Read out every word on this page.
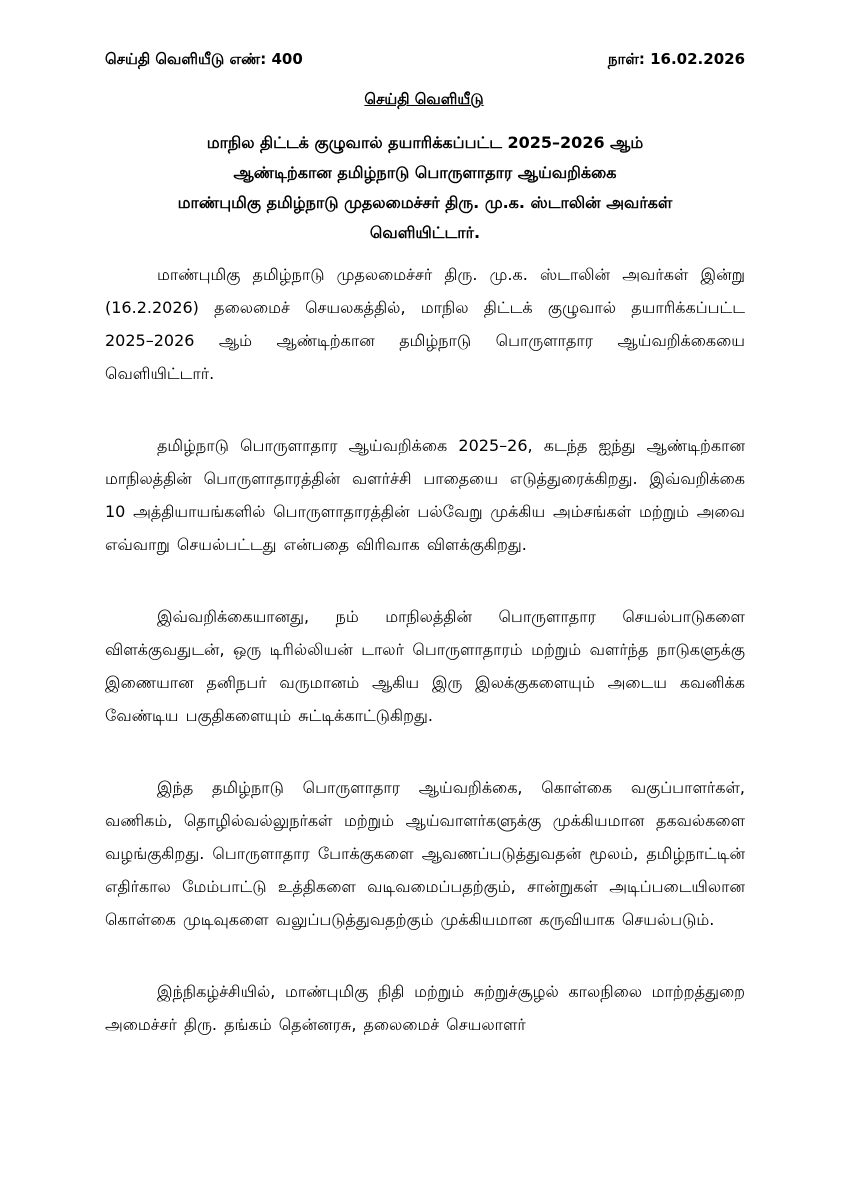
செய்தி வெளியீடு எண்: 400	நாள்: 16.02.2026
செய்தி வெளியீடு
மாநில திட்டக் குழுவால் தயாரிக்கப்பட்ட 2025–2026 ஆம்
ஆண்டிற்கான தமிழ்நாடு பொருளாதார ஆய்வறிக்கை
மாண்புமிகு தமிழ்நாடு முதலமைச்சர் திரு. மு.க. ஸ்டாலின் அவர்கள்
வெளியிட்டார்.

மாண்புமிகு தமிழ்நாடு முதலமைச்சர் திரு. மு.க. ஸ்டாலின் அவர்கள் இன்று (16.2.2026) தலைமைச் செயலகத்தில், மாநில திட்டக் குழுவால் தயாரிக்கப்பட்ட 2025–2026 ஆம் ஆண்டிற்கான தமிழ்நாடு பொருளாதார ஆய்வறிக்கையை வெளியிட்டார்.

தமிழ்நாடு பொருளாதார ஆய்வறிக்கை 2025–26, கடந்த ஐந்து ஆண்டிற்கான மாநிலத்தின் பொருளாதாரத்தின் வளர்ச்சி பாதையை எடுத்துரைக்கிறது. இவ்வறிக்கை 10 அத்தியாயங்களில் பொருளாதாரத்தின் பல்வேறு முக்கிய அம்சங்கள் மற்றும் அவை எவ்வாறு செயல்பட்டது என்பதை விரிவாக விளக்குகிறது.

இவ்வறிக்கையானது, நம் மாநிலத்தின் பொருளாதார செயல்பாடுகளை விளக்குவதுடன், ஒரு டிரில்லியன் டாலர் பொருளாதாரம் மற்றும் வளர்ந்த நாடுகளுக்கு இணையான தனிநபர் வருமானம் ஆகிய இரு இலக்குகளையும் அடைய கவனிக்க வேண்டிய பகுதிகளையும் சுட்டிக்காட்டுகிறது.

இந்த தமிழ்நாடு பொருளாதார ஆய்வறிக்கை, கொள்கை வகுப்பாளர்கள், வணிகம், தொழில்வல்லுநர்கள் மற்றும் ஆய்வாளர்களுக்கு முக்கியமான தகவல்களை வழங்குகிறது. பொருளாதார போக்குகளை ஆவணப்படுத்துவதன் மூலம், தமிழ்நாட்டின் எதிர்கால மேம்பாட்டு உத்திகளை வடிவமைப்பதற்கும், சான்றுகள் அடிப்படையிலான கொள்கை முடிவுகளை வலுப்படுத்துவதற்கும் முக்கியமான கருவியாக செயல்படும்.

இந்நிகழ்ச்சியில், மாண்புமிகு நிதி மற்றும் சுற்றுச்சூழல் காலநிலை மாற்றத்துறை அமைச்சர் திரு. தங்கம் தென்னரசு, தலைமைச் செயலாளர்
